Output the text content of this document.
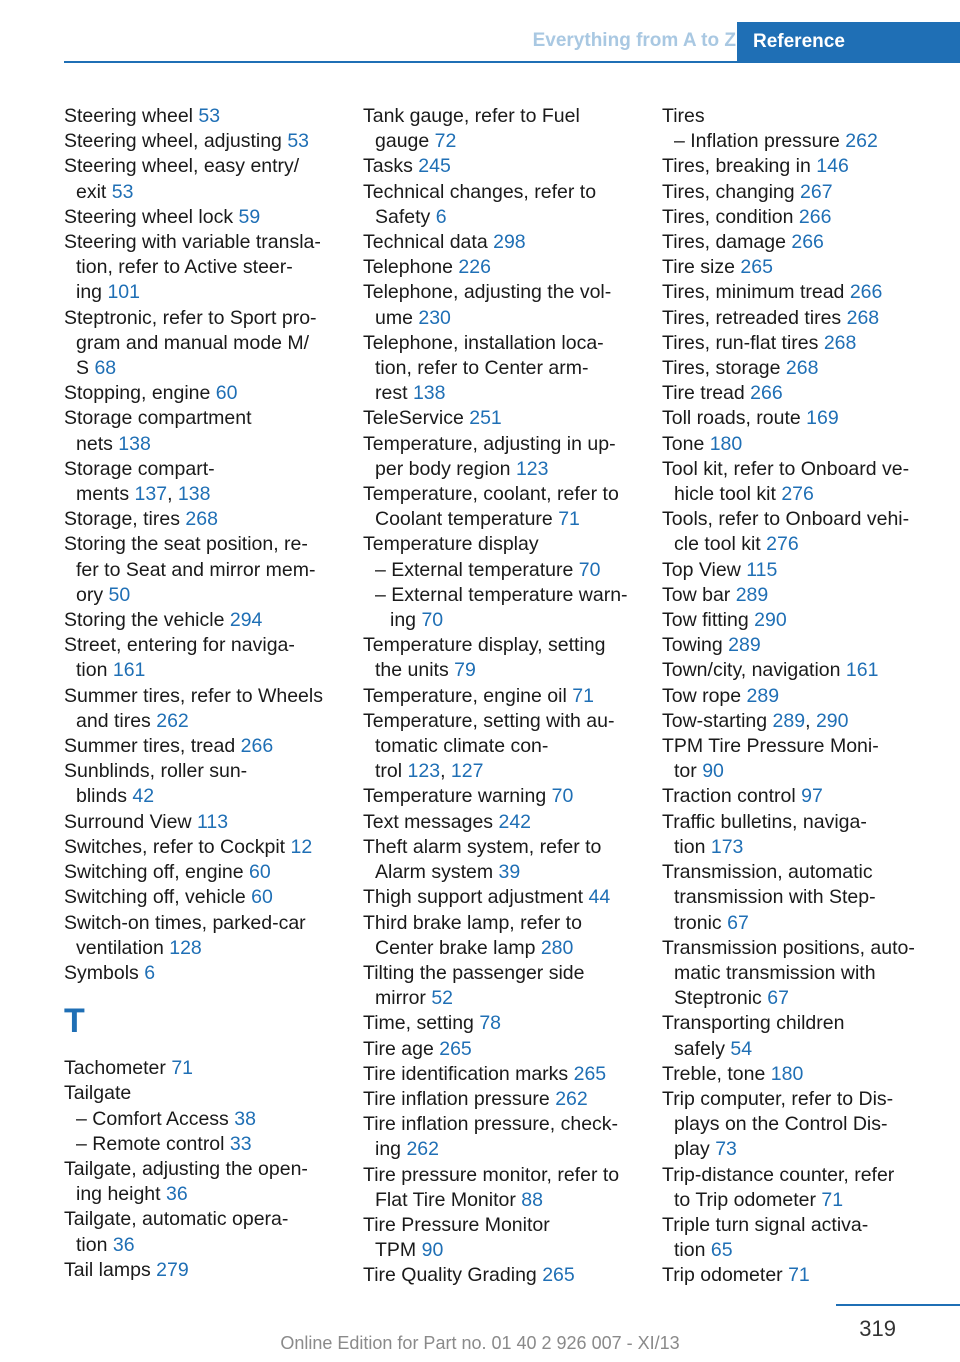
Everything from A to Z Reference
Steering wheel 53
Steering wheel, adjusting 53
Steering wheel, easy entry/
exit 53
Steering wheel lock 59
Steering with variable transla-
tion, refer to Active steer-
ing 101
Steptronic, refer to Sport pro-
gram and manual mode M/
S 68
Stopping, engine 60
Storage compartment
nets 138
Storage compart-
ments 137, 138
Storage, tires 268
Storing the seat position, re-
fer to Seat and mirror mem-
ory 50
Storing the vehicle 294
Street, entering for naviga-
tion 161
Summer tires, refer to Wheels
and tires 262
Summer tires, tread 266
Sunblinds, roller sun-
blinds 42
Surround View 113
Switches, refer to Cockpit 12
Switching off, engine 60
Switching off, vehicle 60
Switch-on times, parked-car
ventilation 128
Symbols 6
T
Tachometer 71
Tailgate
– Comfort Access 38
– Remote control 33
Tailgate, adjusting the open-
ing height 36
Tailgate, automatic opera-
tion 36
Tail lamps 279
Tank gauge, refer to Fuel
gauge 72
Tasks 245
Technical changes, refer to
Safety 6
Technical data 298
Telephone 226
Telephone, adjusting the vol-
ume 230
Telephone, installation loca-
tion, refer to Center arm-
rest 138
TeleService 251
Temperature, adjusting in up-
per body region 123
Temperature, coolant, refer to
Coolant temperature 71
Temperature display
– External temperature 70
– External temperature warn-
ing 70
Temperature display, setting
the units 79
Temperature, engine oil 71
Temperature, setting with au-
tomatic climate con-
trol 123, 127
Temperature warning 70
Text messages 242
Theft alarm system, refer to
Alarm system 39
Thigh support adjustment 44
Third brake lamp, refer to
Center brake lamp 280
Tilting the passenger side
mirror 52
Time, setting 78
Tire age 265
Tire identification marks 265
Tire inflation pressure 262
Tire inflation pressure, check-
ing 262
Tire pressure monitor, refer to
Flat Tire Monitor 88
Tire Pressure Monitor
TPM 90
Tire Quality Grading 265
Tires
– Inflation pressure 262
Tires, breaking in 146
Tires, changing 267
Tires, condition 266
Tires, damage 266
Tire size 265
Tires, minimum tread 266
Tires, retreaded tires 268
Tires, run-flat tires 268
Tires, storage 268
Tire tread 266
Toll roads, route 169
Tone 180
Tool kit, refer to Onboard ve-
hicle tool kit 276
Tools, refer to Onboard vehi-
cle tool kit 276
Top View 115
Tow bar 289
Tow fitting 290
Towing 289
Town/city, navigation 161
Tow rope 289
Tow-starting 289, 290
TPM Tire Pressure Moni-
tor 90
Traction control 97
Traffic bulletins, naviga-
tion 173
Transmission, automatic
transmission with Step-
tronic 67
Transmission positions, auto-
matic transmission with
Steptronic 67
Transporting children
safely 54
Treble, tone 180
Trip computer, refer to Dis-
plays on the Control Dis-
play 73
Trip-distance counter, refer
to Trip odometer 71
Triple turn signal activa-
tion 65
Trip odometer 71
319
Online Edition for Part no. 01 40 2 926 007 - XI/13
